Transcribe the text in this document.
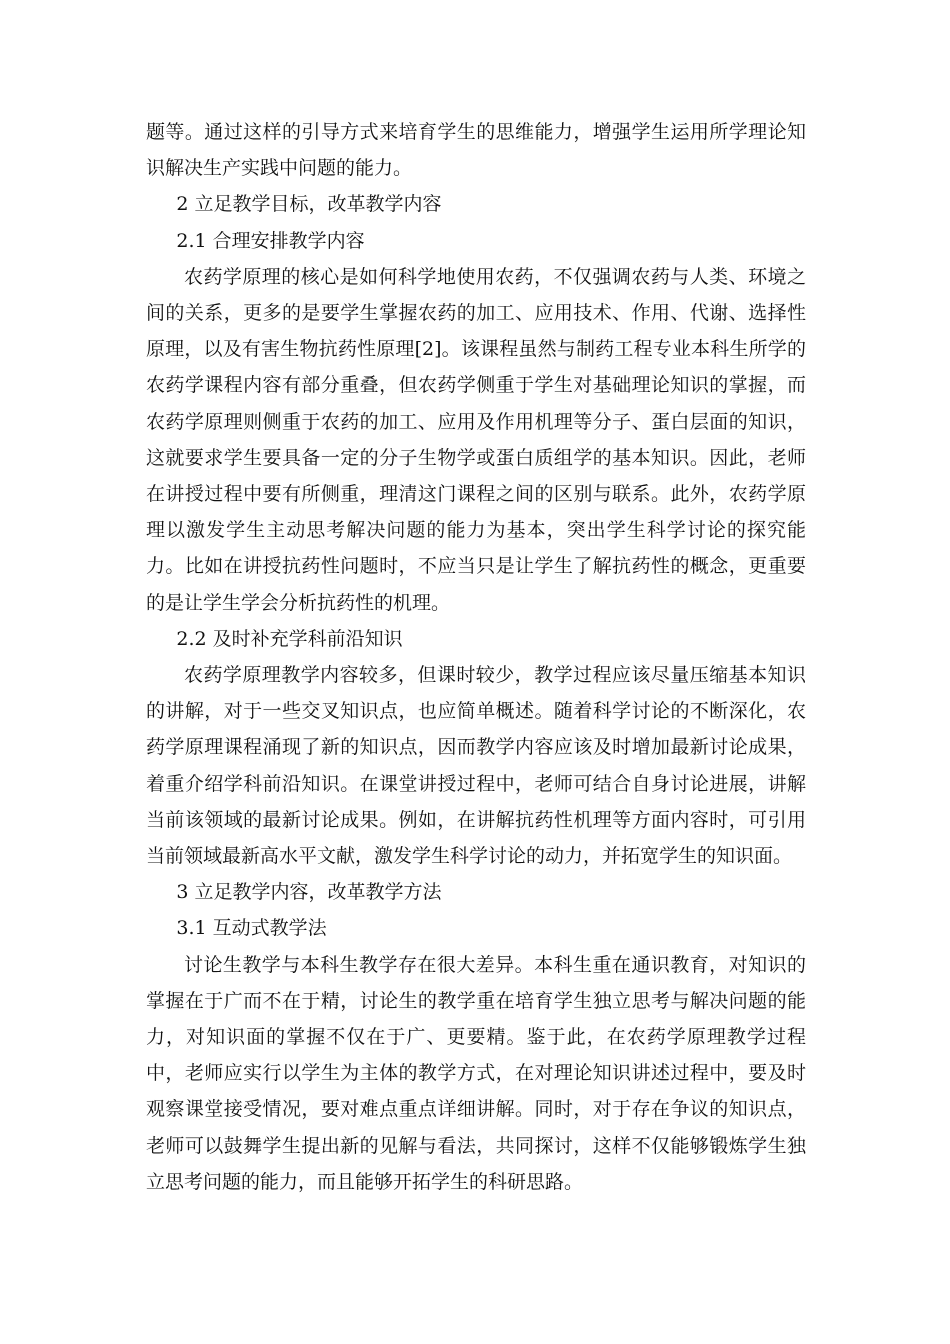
题等。通过这样的引导方式来培育学生的思维能力，增强学生运用所学理论知识解决生产实践中问题的能力。

2 立足教学目标，改革教学内容

2.1 合理安排教学内容

农药学原理的核心是如何科学地使用农药，不仅强调农药与人类、环境之间的关系，更多的是要学生掌握农药的加工、应用技术、作用、代谢、选择性原理，以及有害生物抗药性原理[2]。该课程虽然与制药工程专业本科生所学的农药学课程内容有部分重叠，但农药学侧重于学生对基础理论知识的掌握，而农药学原理则侧重于农药的加工、应用及作用机理等分子、蛋白层面的知识，这就要求学生要具备一定的分子生物学或蛋白质组学的基本知识。因此，老师在讲授过程中要有所侧重，理清这门课程之间的区别与联系。此外，农药学原理以激发学生主动思考解决问题的能力为基本，突出学生科学讨论的探究能力。比如在讲授抗药性问题时，不应当只是让学生了解抗药性的概念，更重要的是让学生学会分析抗药性的机理。

2.2 及时补充学科前沿知识

农药学原理教学内容较多，但课时较少，教学过程应该尽量压缩基本知识的讲解，对于一些交叉知识点，也应简单概述。随着科学讨论的不断深化，农药学原理课程涌现了新的知识点，因而教学内容应该及时增加最新讨论成果，着重介绍学科前沿知识。在课堂讲授过程中，老师可结合自身讨论进展，讲解当前该领域的最新讨论成果。例如，在讲解抗药性机理等方面内容时，可引用当前领域最新高水平文献，激发学生科学讨论的动力，并拓宽学生的知识面。

3 立足教学内容，改革教学方法

3.1 互动式教学法

讨论生教学与本科生教学存在很大差异。本科生重在通识教育，对知识的掌握在于广而不在于精，讨论生的教学重在培育学生独立思考与解决问题的能力，对知识面的掌握不仅在于广、更要精。鉴于此，在农药学原理教学过程中，老师应实行以学生为主体的教学方式，在对理论知识讲述过程中，要及时观察课堂接受情况，要对难点重点详细讲解。同时，对于存在争议的知识点，老师可以鼓舞学生提出新的见解与看法，共同探讨，这样不仅能够锻炼学生独立思考问题的能力，而且能够开拓学生的科研思路。
